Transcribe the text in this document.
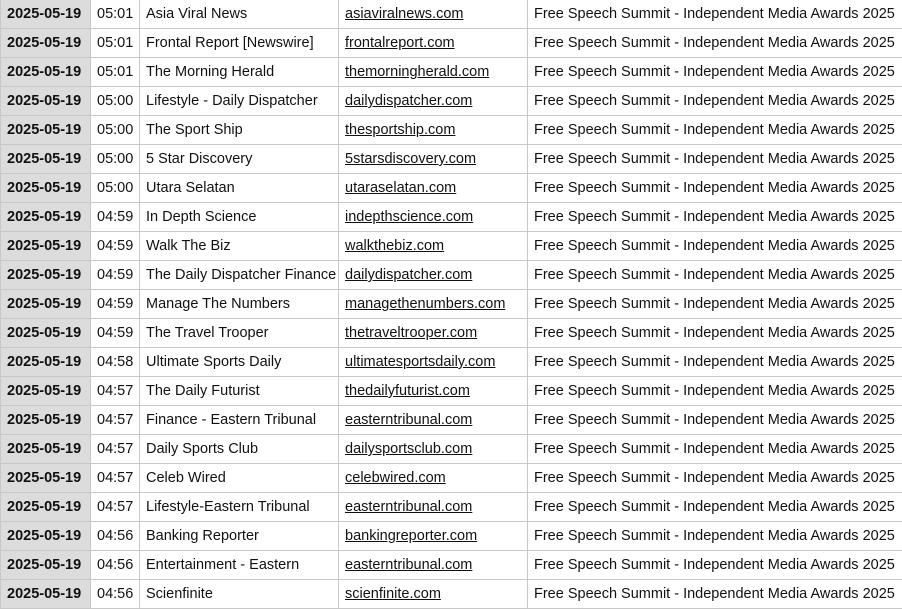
2025-05-19	05:01	Asia Viral News	asiaviralnews.com	Free Speech Summit - Independent Media Awards 2025
2025-05-19	05:01	Frontal Report [Newswire]	frontalreport.com	Free Speech Summit - Independent Media Awards 2025
2025-05-19	05:01	The Morning Herald	themorningherald.com	Free Speech Summit - Independent Media Awards 2025
2025-05-19	05:00	Lifestyle - Daily Dispatcher	dailydispatcher.com	Free Speech Summit - Independent Media Awards 2025
2025-05-19	05:00	The Sport Ship	thesportship.com	Free Speech Summit - Independent Media Awards 2025
2025-05-19	05:00	5 Star Discovery	5starsdiscovery.com	Free Speech Summit - Independent Media Awards 2025
2025-05-19	05:00	Utara Selatan	utaraselatan.com	Free Speech Summit - Independent Media Awards 2025
2025-05-19	04:59	In Depth Science	indepthscience.com	Free Speech Summit - Independent Media Awards 2025
2025-05-19	04:59	Walk The Biz	walkthebiz.com	Free Speech Summit - Independent Media Awards 2025
2025-05-19	04:59	The Daily Dispatcher Finance	dailydispatcher.com	Free Speech Summit - Independent Media Awards 2025
2025-05-19	04:59	Manage The Numbers	managethenumbers.com	Free Speech Summit - Independent Media Awards 2025
2025-05-19	04:59	The Travel Trooper	thetraveltrooper.com	Free Speech Summit - Independent Media Awards 2025
2025-05-19	04:58	Ultimate Sports Daily	ultimatesportsdaily.com	Free Speech Summit - Independent Media Awards 2025
2025-05-19	04:57	The Daily Futurist	thedailyfuturist.com	Free Speech Summit - Independent Media Awards 2025
2025-05-19	04:57	Finance - Eastern Tribunal	easterntribunal.com	Free Speech Summit - Independent Media Awards 2025
2025-05-19	04:57	Daily Sports Club	dailysportsclub.com	Free Speech Summit - Independent Media Awards 2025
2025-05-19	04:57	Celeb Wired	celebwired.com	Free Speech Summit - Independent Media Awards 2025
2025-05-19	04:57	Lifestyle-Eastern Tribunal	easterntribunal.com	Free Speech Summit - Independent Media Awards 2025
2025-05-19	04:56	Banking Reporter	bankingreporter.com	Free Speech Summit - Independent Media Awards 2025
2025-05-19	04:56	Entertainment - Eastern	easterntribunal.com	Free Speech Summit - Independent Media Awards 2025
2025-05-19	04:56	Scienfinite	scienfinite.com	Free Speech Summit - Independent Media Awards 2025
